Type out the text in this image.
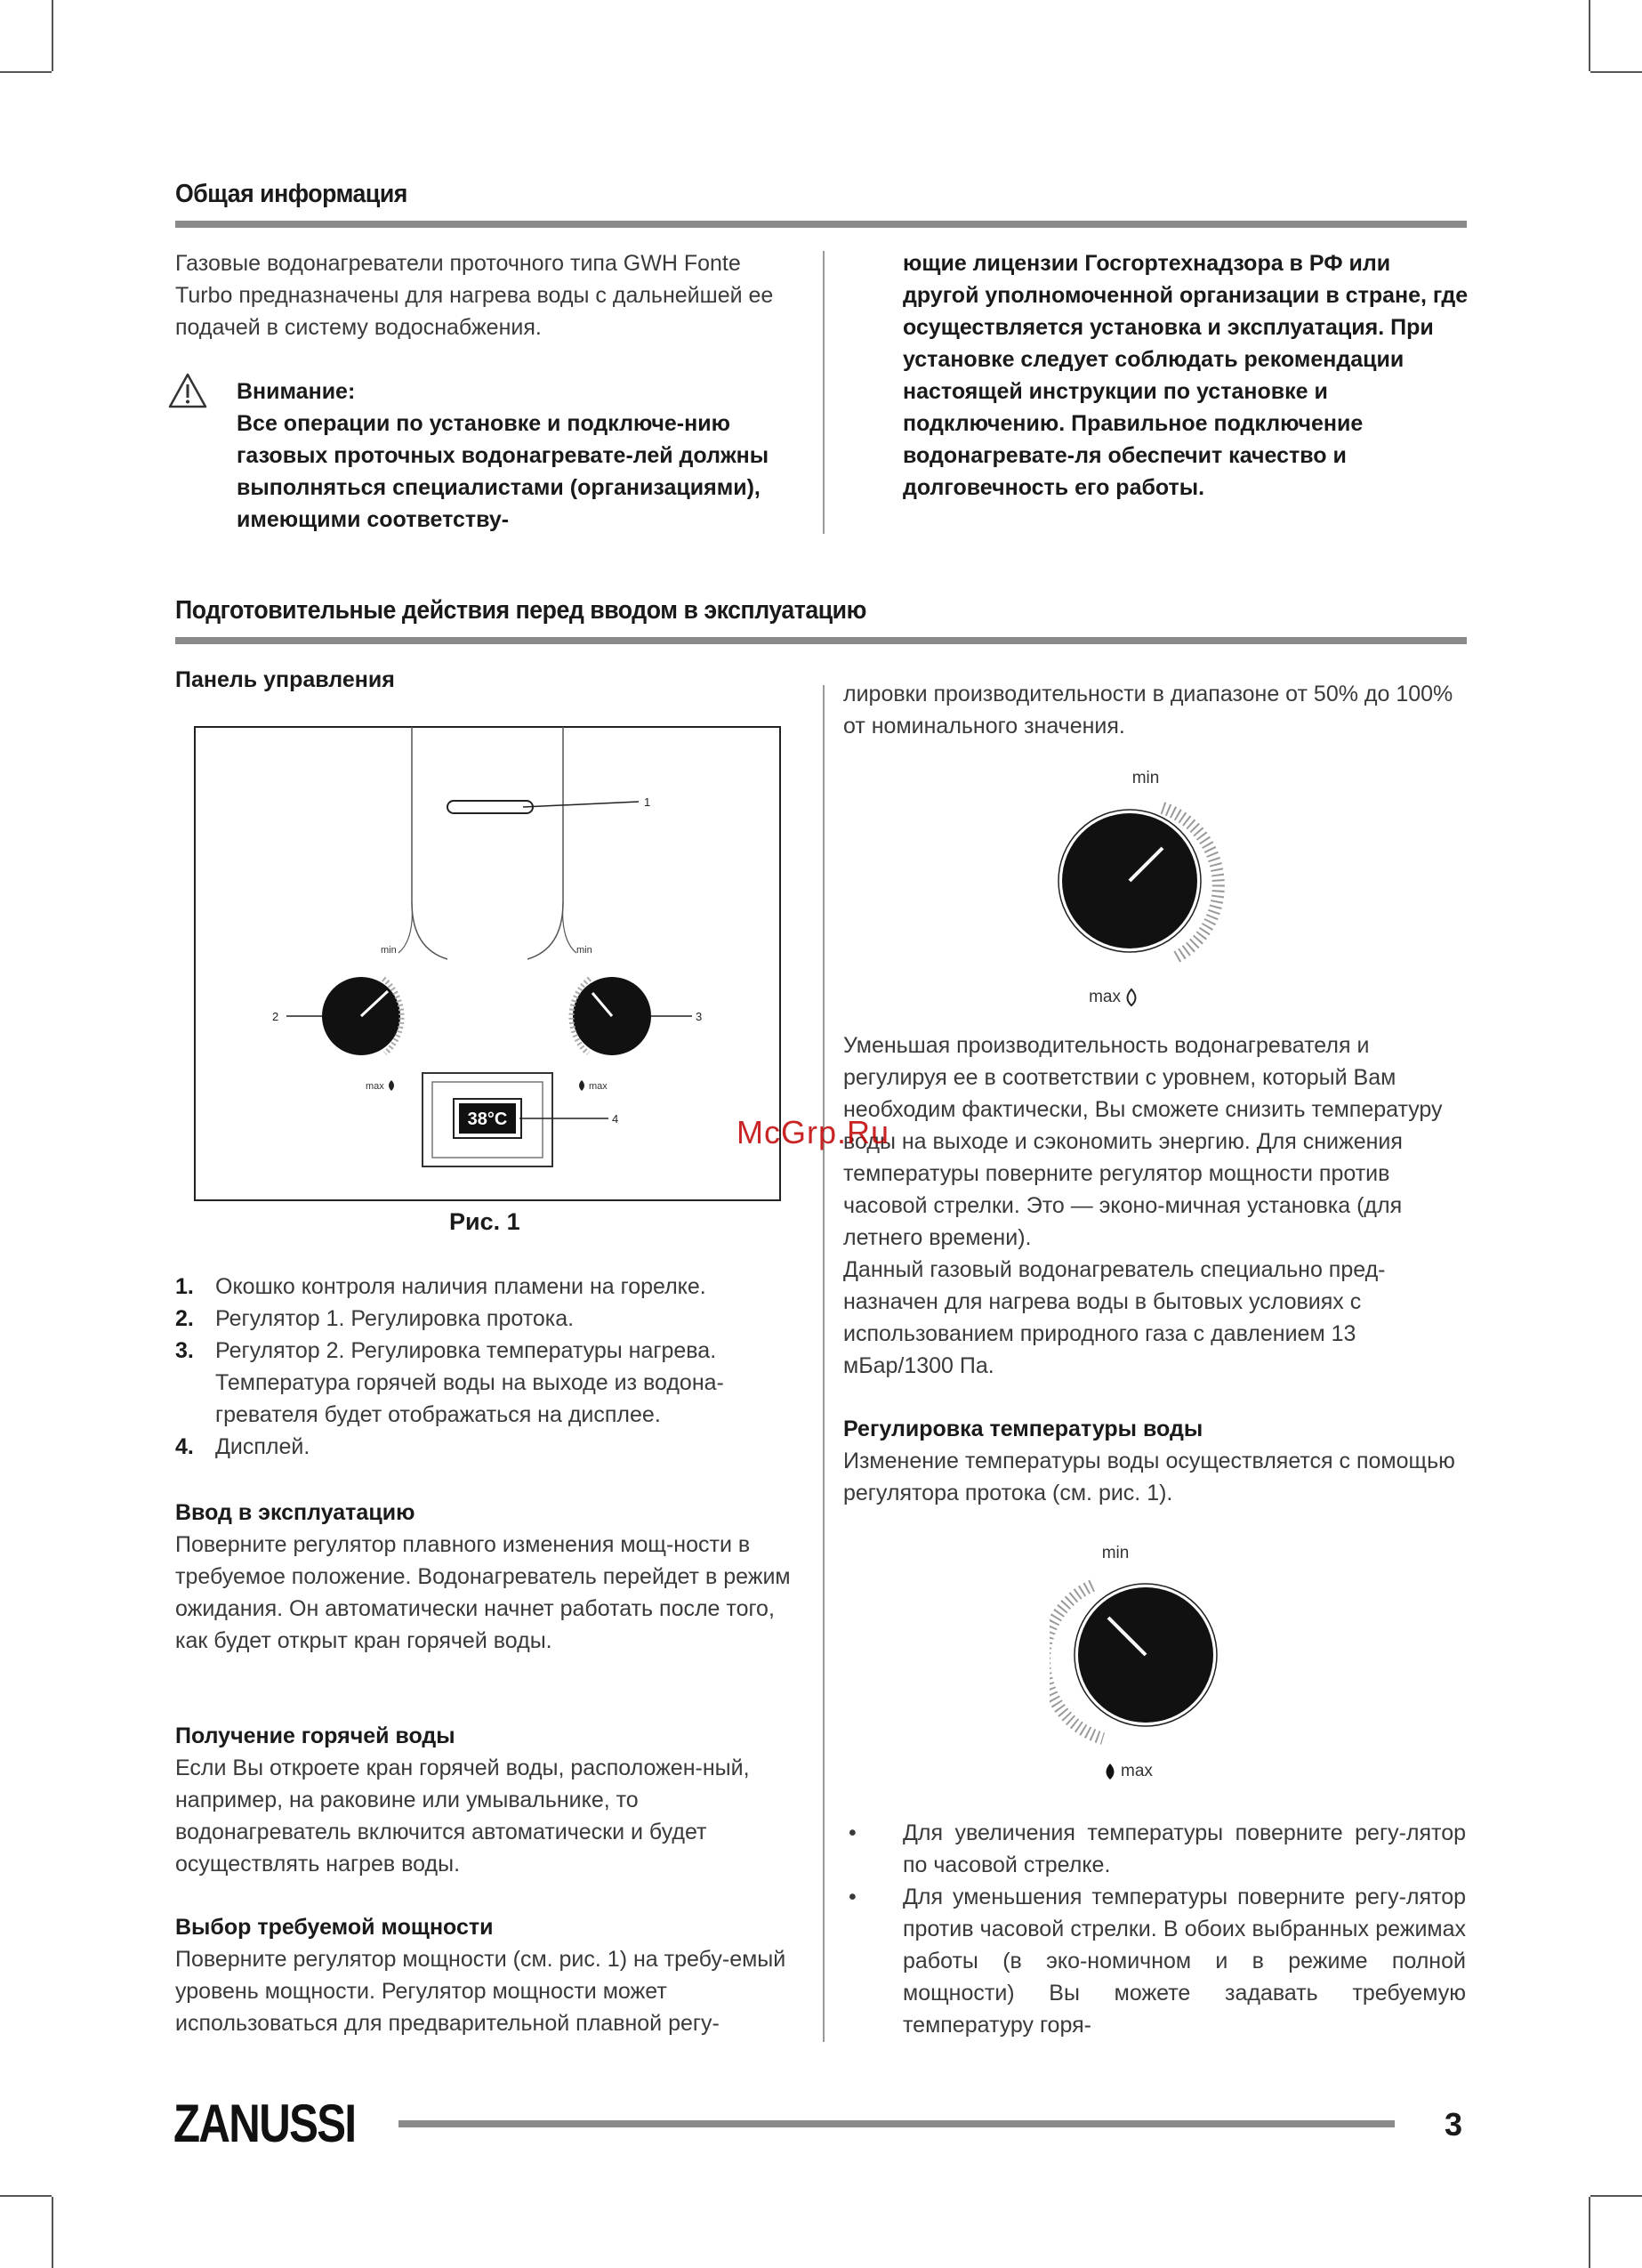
Общая информация

Газовые водонагреватели проточного типа GWH Fonte Turbo предназначены для нагрева воды с дальнейшей ее подачей в систему водоснабжения.

Внимание:

Все операции по установке и подключе-нию газовых проточных водонагревате-лей должны выполняться специалистами (организациями), имеющими соответству-

ющие лицензии Госгортехнадзора в РФ или другой уполномоченной организации в стране, где осуществляется установка и эксплуатация. При установке следует соблюдать рекомендации настоящей инструкции по установке и подключению. Правильное подключение водонагревате-ля обеспечит качество и долговечность его работы.

Подготовительные действия перед вводом в эксплуатацию
Панель управления
1
min
max
2
min
max
3
38°C	4
Рис. 1
1. Окошко контроля наличия пламени на горелке.
2. Регулятор 1. Регулировка протока.
3. Регулятор 2. Регулировка температуры нагрева. Температура горячей воды на выходе из водона-гревателя будет отображаться на дисплее.
4. Дисплей.
Ввод в эксплуатацию
Поверните регулятор плавного изменения мощ-ности в требуемое положение. Водонагреватель перейдет в режим ожидания. Он автоматически начнет работать после того, как будет открыт кран горячей воды.
Получение горячей воды
Если Вы откроете кран горячей воды, расположен-ный, например, на раковине или умывальнике, то водонагреватель включится автоматически и будет осуществлять нагрев воды.
Выбор требуемой мощности
Поверните регулятор мощности (см. рис. 1) на требу-емый уровень мощности. Регулятор мощности может использоваться для предварительной плавной регу-
лировки производительности в диапазоне от 50% до 100% от номинального значения.
min
max

Уменьшая производительность водонагревателя и регулируя ее в соответствии с уровнем, который Вам необходим фактически, Вы сможете снизить температуру воды на выходе и сэкономить энергию. Для снижения температуры поверните регулятор мощности против часовой стрелки. Это — эконо-мичная установка (для летнего времени).

Данный газовый водонагреватель специально пред-назначен для нагрева воды в бытовых условиях с использованием природного газа с давлением 13 мБар/1300 Па.

McGrp.Ru
Регулировка температуры воды
Изменение температуры воды осуществляется с помощью регулятора протока (см. рис. 1).
min
max
• Для увеличения температуры поверните регу-лятор по часовой стрелке.
• Для уменьшения температуры поверните регу-лятор против часовой стрелки. В обоих выбранных режимах работы (в эко-номичном и в режиме полной мощности) Вы можете задавать требуемую температуру горя-
ZANUSSI	3
